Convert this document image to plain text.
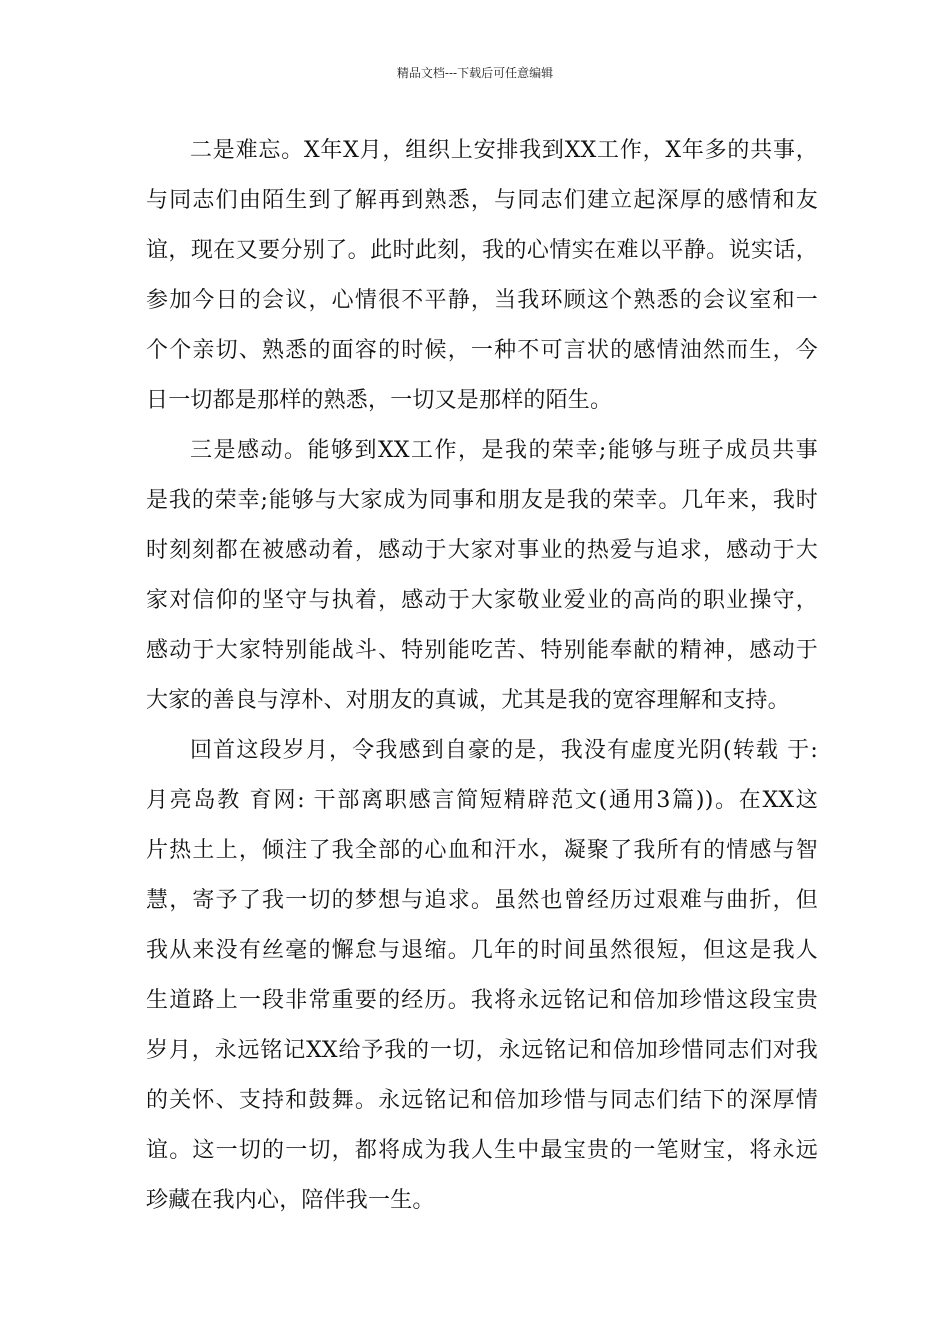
精品文档---下载后可任意编辑
二是难忘。X年X月，组织上安排我到XX工作，X年多的共事，
与同志们由陌生到了解再到熟悉，与同志们建立起深厚的感情和友
谊，现在又要分别了。此时此刻，我的心情实在难以平静。说实话，
参加今日的会议，心情很不平静，当我环顾这个熟悉的会议室和一
个个亲切、熟悉的面容的时候，一种不可言状的感情油然而生，今
日一切都是那样的熟悉，一切又是那样的陌生。
三是感动。能够到XX工作，是我的荣幸;能够与班子成员共事
是我的荣幸;能够与大家成为同事和朋友是我的荣幸。几年来，我时
时刻刻都在被感动着，感动于大家对事业的热爱与追求，感动于大
家对信仰的坚守与执着，感动于大家敬业爱业的高尚的职业操守，
感动于大家特别能战斗、特别能吃苦、特别能奉献的精神，感动于
大家的善良与淳朴、对朋友的真诚，尤其是我的宽容理解和支持。
回首这段岁月，令我感到自豪的是，我没有虚度光阴(转载 于:
月亮岛教 育网: 干部离职感言简短精辟范文(通用3篇))。在XX这
片热土上，倾注了我全部的心血和汗水，凝聚了我所有的情感与智
慧，寄予了我一切的梦想与追求。虽然也曾经历过艰难与曲折，但
我从来没有丝毫的懈怠与退缩。几年的时间虽然很短，但这是我人
生道路上一段非常重要的经历。我将永远铭记和倍加珍惜这段宝贵
岁月，永远铭记XX给予我的一切，永远铭记和倍加珍惜同志们对我
的关怀、支持和鼓舞。永远铭记和倍加珍惜与同志们结下的深厚情
谊。这一切的一切，都将成为我人生中最宝贵的一笔财宝，将永远
珍藏在我内心，陪伴我一生。
